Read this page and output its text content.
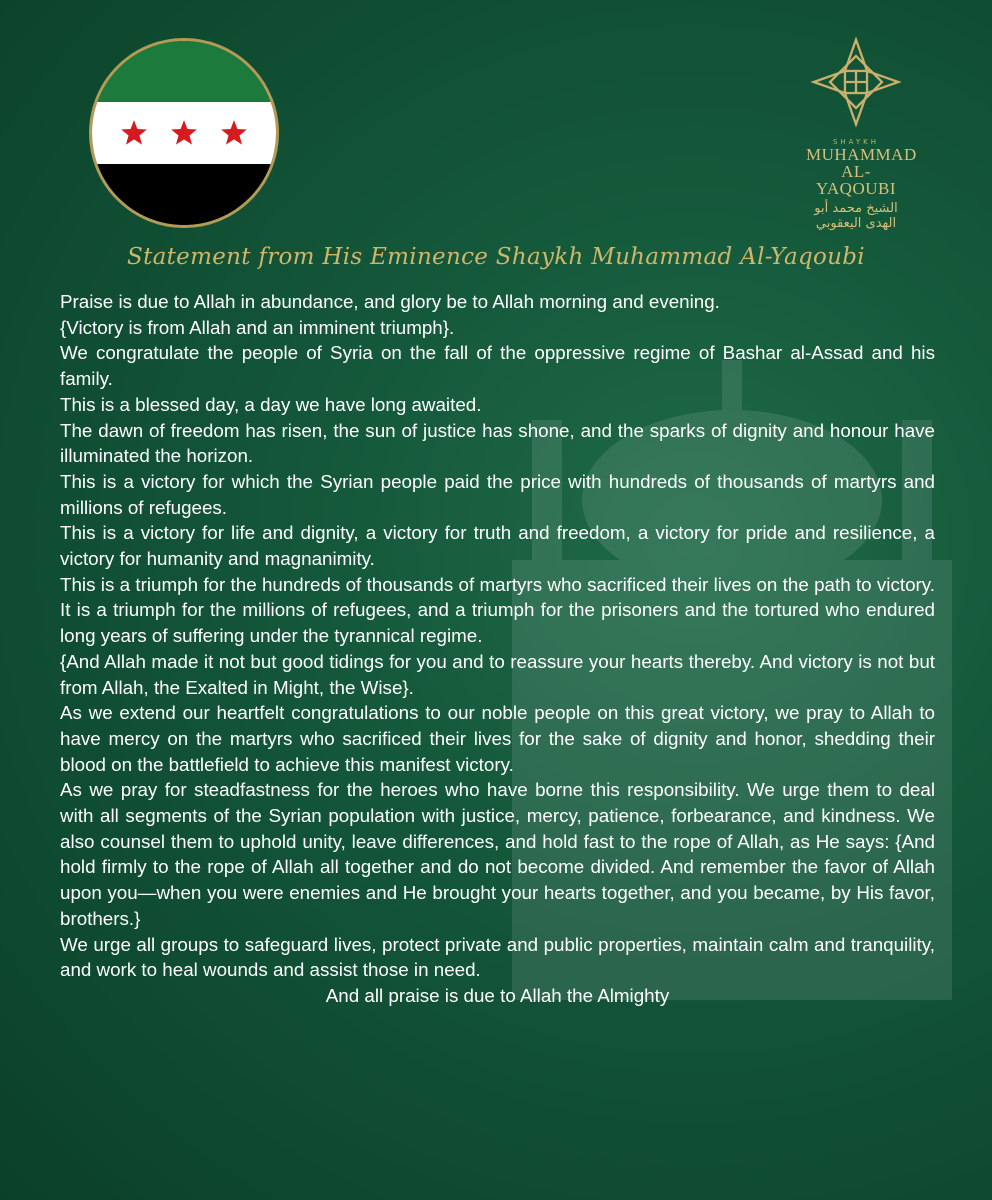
SHAYKH
MUHAMMAD
AL-YAQOUBI
الشيخ محمد أبو الهدى اليعقوبي
Statement from His Eminence Shaykh Muhammad Al-Yaqoubi

Praise is due to Allah in abundance, and glory be to Allah morning and evening.

{Victory is from Allah and an imminent triumph}.

We congratulate the people of Syria on the fall of the oppressive regime of Bashar al-Assad and his family.

This is a blessed day, a day we have long awaited.

The dawn of freedom has risen, the sun of justice has shone, and the sparks of dignity and honour have illuminated the horizon.

This is a victory for which the Syrian people paid the price with hundreds of thousands of martyrs and millions of refugees.

This is a victory for life and dignity, a victory for truth and freedom, a victory for pride and resilience, a victory for humanity and magnanimity.

This is a triumph for the hundreds of thousands of martyrs who sacrificed their lives on the path to victory. It is a triumph for the millions of refugees, and a triumph for the prisoners and the tortured who endured long years of suffering under the tyrannical regime.

{And Allah made it not but good tidings for you and to reassure your hearts thereby. And victory is not but from Allah, the Exalted in Might, the Wise}.

As we extend our heartfelt congratulations to our noble people on this great victory, we pray to Allah to have mercy on the martyrs who sacrificed their lives for the sake of dignity and honor, shedding their blood on the battlefield to achieve this manifest victory.

As we pray for steadfastness for the heroes who have borne this responsibility. We urge them to deal with all segments of the Syrian population with justice, mercy, patience, forbearance, and kindness. We also counsel them to uphold unity, leave differences, and hold fast to the rope of Allah, as He says: {And hold firmly to the rope of Allah all together and do not become divided. And remember the favor of Allah upon you—when you were enemies and He brought your hearts together, and you became, by His favor, brothers.}

We urge all groups to safeguard lives, protect private and public properties, maintain calm and tranquility, and work to heal wounds and assist those in need.

And all praise is due to Allah the Almighty
